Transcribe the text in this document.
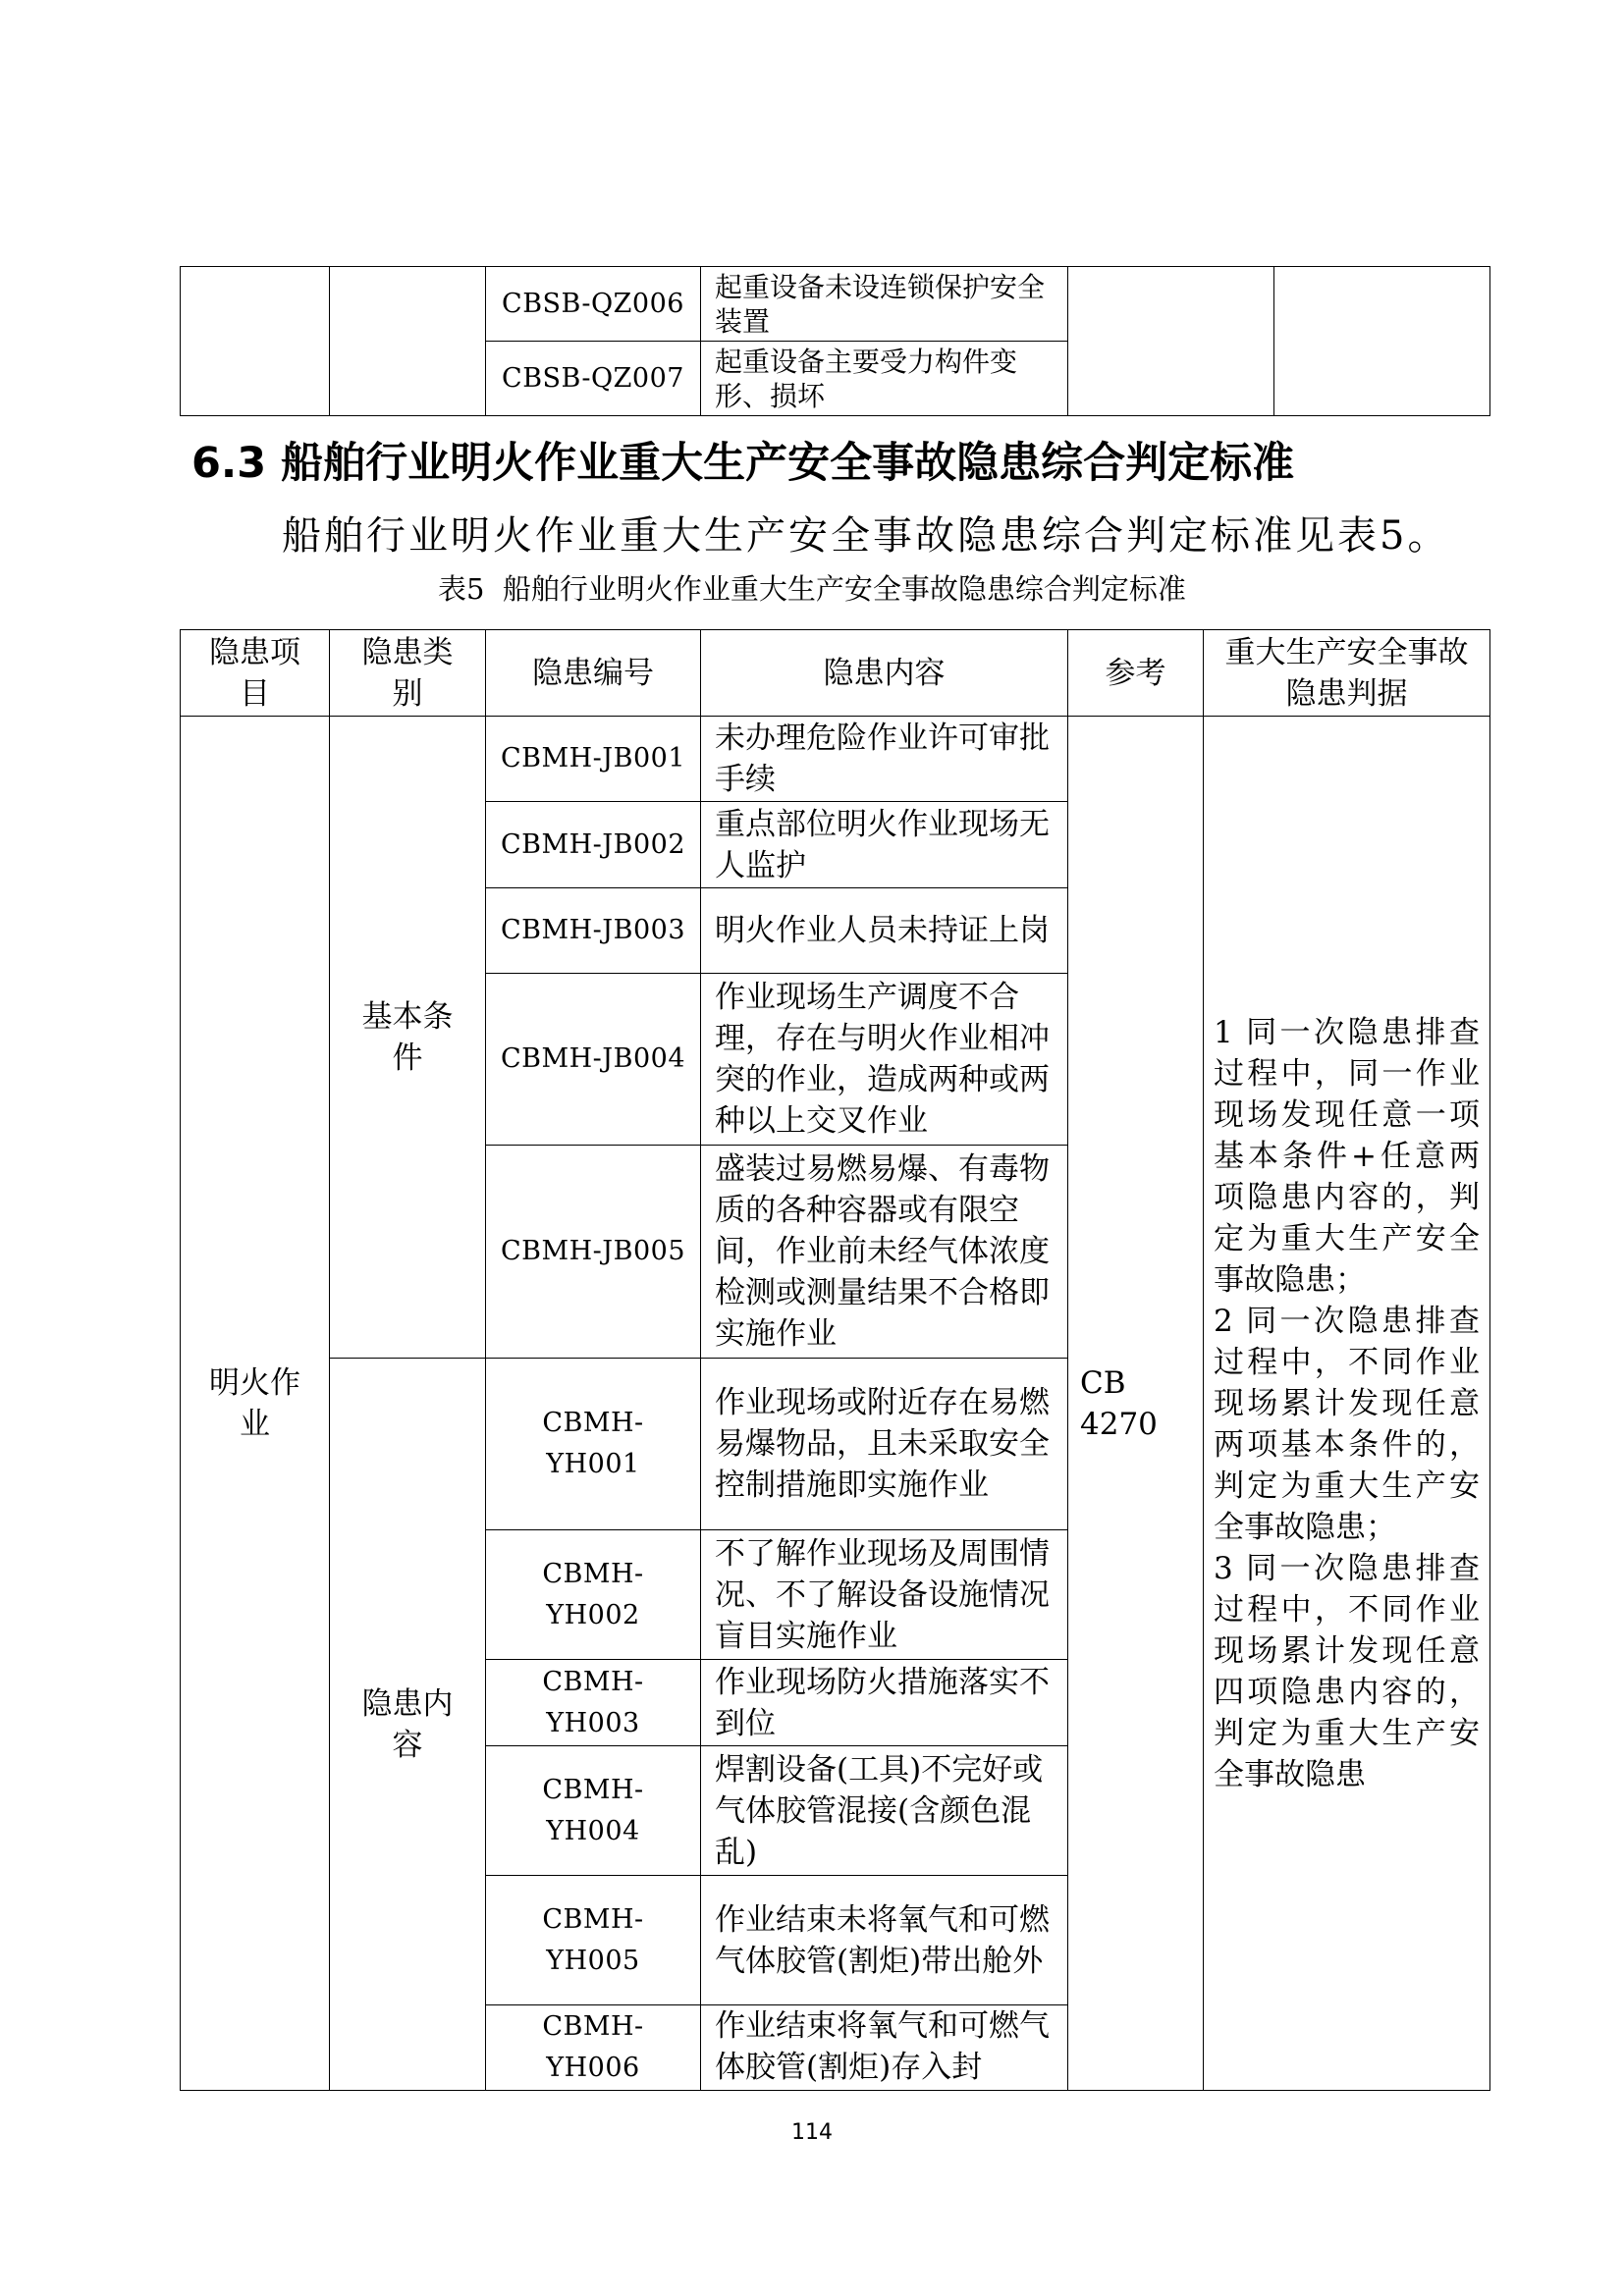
		CBSB-QZ006	起重设备未设连锁保护安全装置		
		CBSB-QZ007	起重设备主要受力构件变形、损坏		
6.3 船舶行业明火作业重大生产安全事故隐患综合判定标准

船舶行业明火作业重大生产安全事故隐患综合判定标准见表5。

表5  船舶行业明火作业重大生产安全事故隐患综合判定标准

隐患项目	隐患类别	隐患编号	隐患内容	参考	重大生产安全事故隐患判据
明火作业	基本条件	CBMH-JB001	未办理危险作业许可审批手续	CB 4270	1 同一次隐患排查过程中，同一作业现场发现任意一项基本条件+任意两项隐患内容的，判定为重大生产安全事故隐患；

2 同一次隐患排查过程中，不同作业现场累计发现任意两项基本条件的，判定为重大生产安全事故隐患；

3 同一次隐患排查过程中，不同作业现场累计发现任意四项隐患内容的，判定为重大生产安全事故隐患

		CBMH-JB002	重点部位明火作业现场无人监护		
		CBMH-JB003	明火作业人员未持证上岗		
		CBMH-JB004	作业现场生产调度不合理，存在与明火作业相冲突的作业，造成两种或两种以上交叉作业		
		CBMH-JB005	盛装过易燃易爆、有毒物质的各种容器或有限空间，作业前未经气体浓度检测或测量结果不合格即实施作业		
	隐患内容	CBMH-YH001	作业现场或附近存在易燃易爆物品，且未采取安全控制措施即实施作业		
		CBMH-YH002	不了解作业现场及周围情况、不了解设备设施情况盲目实施作业		
		CBMH-YH003	作业现场防火措施落实不到位		
		CBMH-YH004	焊割设备(工具)不完好或气体胶管混接(含颜色混乱)		
		CBMH-YH005	作业结束未将氧气和可燃气体胶管(割炬)带出舱外		
		CBMH-YH006	作业结束将氧气和可燃气体胶管(割炬)存入封		
114
